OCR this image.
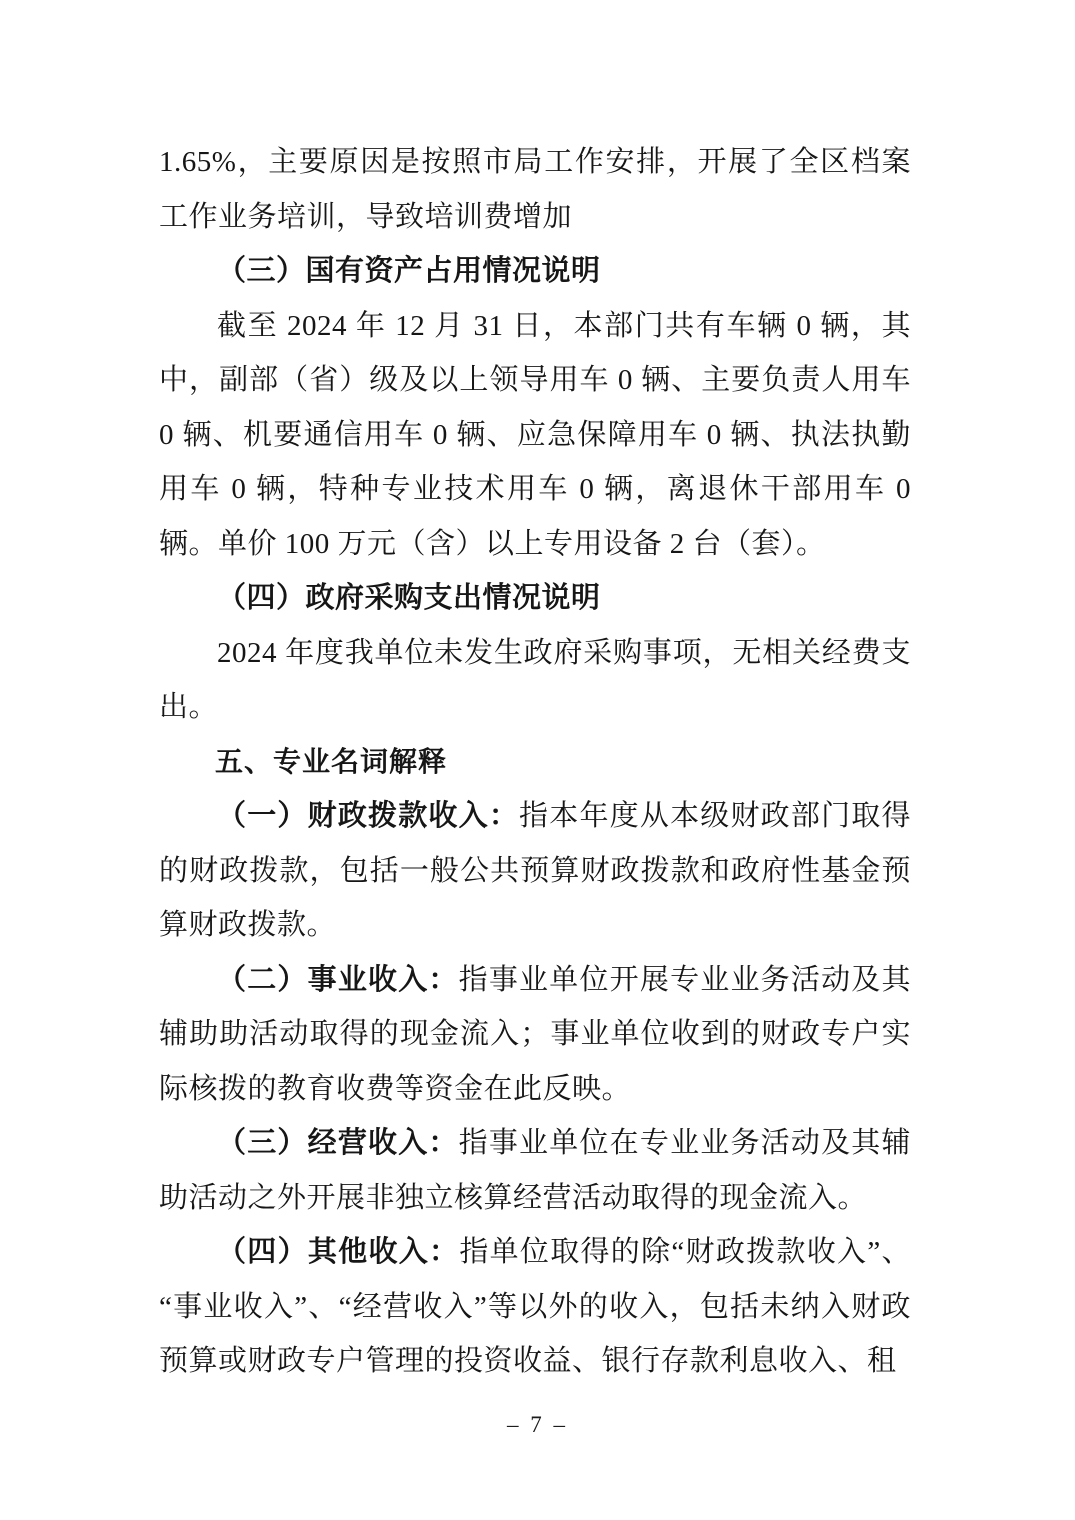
1.65%，主要原因是按照市局工作安排，开展了全区档案工作业务培训，导致培训费增加

（三）国有资产占用情况说明

截至 2024 年 12 月 31 日，本部门共有车辆 0 辆，其中，副部（省）级及以上领导用车 0 辆、主要负责人用车 0 辆、机要通信用车 0 辆、应急保障用车 0 辆、执法执勤用车 0 辆，特种专业技术用车 0 辆，离退休干部用车 0 辆。单价 100 万元（含）以上专用设备 2 台（套）。

（四）政府采购支出情况说明

2024 年度我单位未发生政府采购事项，无相关经费支出。

五、专业名词解释

（一）财政拨款收入：指本年度从本级财政部门取得的财政拨款，包括一般公共预算财政拨款和政府性基金预算财政拨款。

（二）事业收入：指事业单位开展专业业务活动及其辅助助活动取得的现金流入；事业单位收到的财政专户实际核拨的教育收费等资金在此反映。

（三）经营收入：指事业单位在专业业务活动及其辅助活动之外开展非独立核算经营活动取得的现金流入。

（四）其他收入：指单位取得的除“财政拨款收入”、“事业收入”、“经营收入”等以外的收入，包括未纳入财政预算或财政专户管理的投资收益、银行存款利息收入、租

– 7 –
